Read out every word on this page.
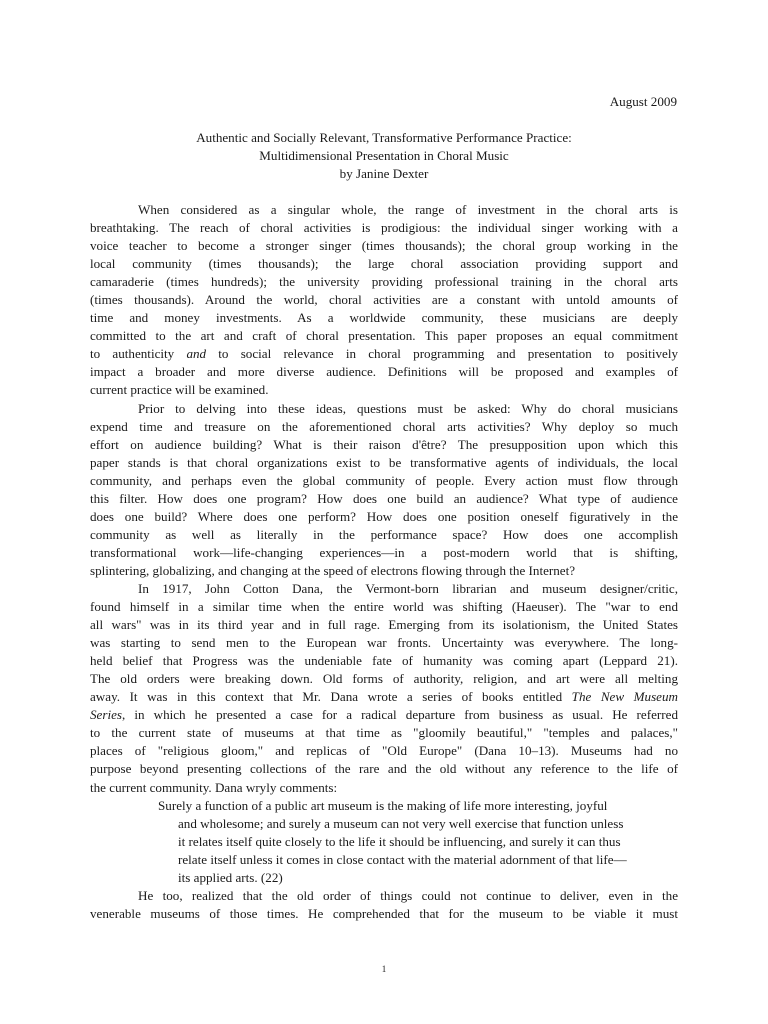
August 2009
Authentic and Socially Relevant, Transformative Performance Practice:
Multidimensional Presentation in Choral Music
by Janine Dexter
When considered as a singular whole, the range of investment in the choral arts is
breathtaking. The reach of choral activities is prodigious: the individual singer working with a
voice teacher to become a stronger singer (times thousands); the choral group working in the
local community (times thousands); the large choral association providing support and
camaraderie (times hundreds); the university providing professional training in the choral arts
(times thousands). Around the world, choral activities are a constant with untold amounts of
time and money investments. As a worldwide community, these musicians are deeply
committed to the art and craft of choral presentation. This paper proposes an equal commitment
to authenticity and to social relevance in choral programming and presentation to positively
impact a broader and more diverse audience. Definitions will be proposed and examples of
current practice will be examined.
Prior to delving into these ideas, questions must be asked: Why do choral musicians
expend time and treasure on the aforementioned choral arts activities? Why deploy so much
effort on audience building? What is their raison d'être? The presupposition upon which this
paper stands is that choral organizations exist to be transformative agents of individuals, the local
community, and perhaps even the global community of people. Every action must flow through
this filter. How does one program? How does one build an audience? What type of audience
does one build? Where does one perform? How does one position oneself figuratively in the
community as well as literally in the performance space? How does one accomplish
transformational work—life-changing experiences—in a post-modern world that is shifting,
splintering, globalizing, and changing at the speed of electrons flowing through the Internet?
In 1917, John Cotton Dana, the Vermont-born librarian and museum designer/critic,
found himself in a similar time when the entire world was shifting (Haeuser). The "war to end
all wars" was in its third year and in full rage. Emerging from its isolationism, the United States
was starting to send men to the European war fronts. Uncertainty was everywhere. The long-
held belief that Progress was the undeniable fate of humanity was coming apart (Leppard 21).
The old orders were breaking down. Old forms of authority, religion, and art were all melting
away. It was in this context that Mr. Dana wrote a series of books entitled The New Museum
Series, in which he presented a case for a radical departure from business as usual. He referred
to the current state of museums at that time as "gloomily beautiful," "temples and palaces,"
places of "religious gloom," and replicas of "Old Europe" (Dana 10–13). Museums had no
purpose beyond presenting collections of the rare and the old without any reference to the life of
the current community. Dana wryly comments:
Surely a function of a public art museum is the making of life more interesting, joyful
and wholesome; and surely a museum can not very well exercise that function unless
it relates itself quite closely to the life it should be influencing, and surely it can thus
relate itself unless it comes in close contact with the material adornment of that life—
its applied arts. (22)
He too, realized that the old order of things could not continue to deliver, even in the
venerable museums of those times. He comprehended that for the museum to be viable it must
1
